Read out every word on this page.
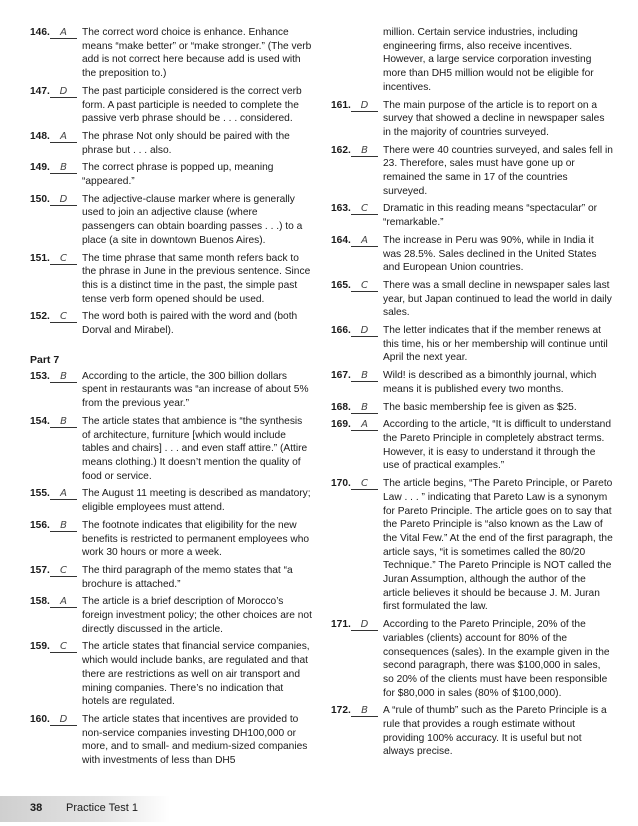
146.	A	The correct word choice is enhance. Enhance means “make better” or “make stronger.” (The verb add is not correct here because add is used with the preposition to.)
147. D	The past participle considered is the correct verb form. A past participle is needed to complete the passive verb phrase should be . . . considered.
148.	A	The phrase Not only should be paired with the phrase but . . . also.
149.	B	The correct phrase is popped up, meaning “appeared.”
150. D	The adjective-clause marker where is generally used to join an adjective clause (where passengers can obtain boarding passes . . .) to a place (a site in downtown Buenos Aires).
151.	C	The time phrase that same month refers back to the phrase in June in the previous sentence. Since this is a distinct time in the past, the simple past tense verb form opened should be used.
152.	C	The word both is paired with the word and (both Dorval and Mirabel).
Part 7
153.	B	According to the article, the 300 billion dollars spent in restaurants was “an increase of about 5% from the previous year.”
154.	B	The article states that ambience is “the synthesis of architecture, furniture [which would include tables and chairs] . . . and even staff attire.” (Attire means clothing.) It doesn’t mention the quality of food or service.
155.	A	The August 11 meeting is described as mandatory; eligible employees must attend.
156.	B	The footnote indicates that eligibility for the new benefits is restricted to permanent employees who work 30 hours or more a week.
157.	C	The third paragraph of the memo states that “a brochure is attached.”
158.	A	The article is a brief description of Morocco’s foreign investment policy; the other choices are not directly discussed in the article.
159.	C	The article states that financial service companies, which would include banks, are regulated and that there are restrictions as well on air transport and mining companies. There’s no indication that hotels are regulated.
160. D	The article states that incentives are provided to non-service companies investing DH100,000 or more, and to small- and medium-sized companies with investments of less than DH5
million. Certain service industries, including engineering firms, also receive incentives. However, a large service corporation investing more than DH5 million would not be eligible for incentives.
161. D	The main purpose of the article is to report on a survey that showed a decline in newspaper sales in the majority of countries surveyed.
162.	B	There were 40 countries surveyed, and sales fell in 23. Therefore, sales must have gone up or remained the same in 17 of the countries surveyed.
163.	C	Dramatic in this reading means “spectacular” or “remarkable.”
164.	A	The increase in Peru was 90%, while in India it was 28.5%. Sales declined in the United States and European Union countries.
165.	C	There was a small decline in newspaper sales last year, but Japan continued to lead the world in daily sales.
166. D	The letter indicates that if the member renews at this time, his or her membership will continue until April the next year.
167.	B	Wild! is described as a bimonthly journal, which means it is published every two months.
168.	B	The basic membership fee is given as $25.
169.	A	According to the article, “It is difficult to understand the Pareto Principle in completely abstract terms. However, it is easy to understand it through the use of practical examples.”
170.	C	The article begins, “The Pareto Principle, or Pareto Law . . . ” indicating that Pareto Law is a synonym for Pareto Principle. The article goes on to say that the Pareto Principle is “also known as the Law of the Vital Few.” At the end of the first paragraph, the article says, “it is sometimes called the 80/20 Technique.” The Pareto Principle is NOT called the Juran Assumption, although the author of the article believes it should be because J. M. Juran first formulated the law.
171. D	According to the Pareto Principle, 20% of the variables (clients) account for 80% of the consequences (sales). In the example given in the second paragraph, there was $100,000 in sales, so 20% of the clients must have been responsible for $80,000 in sales (80% of $100,000).
172.	B	A “rule of thumb” such as the Pareto Principle is a rule that provides a rough estimate without providing 100% accuracy. It is useful but not always precise.
38 Practice Test 1
